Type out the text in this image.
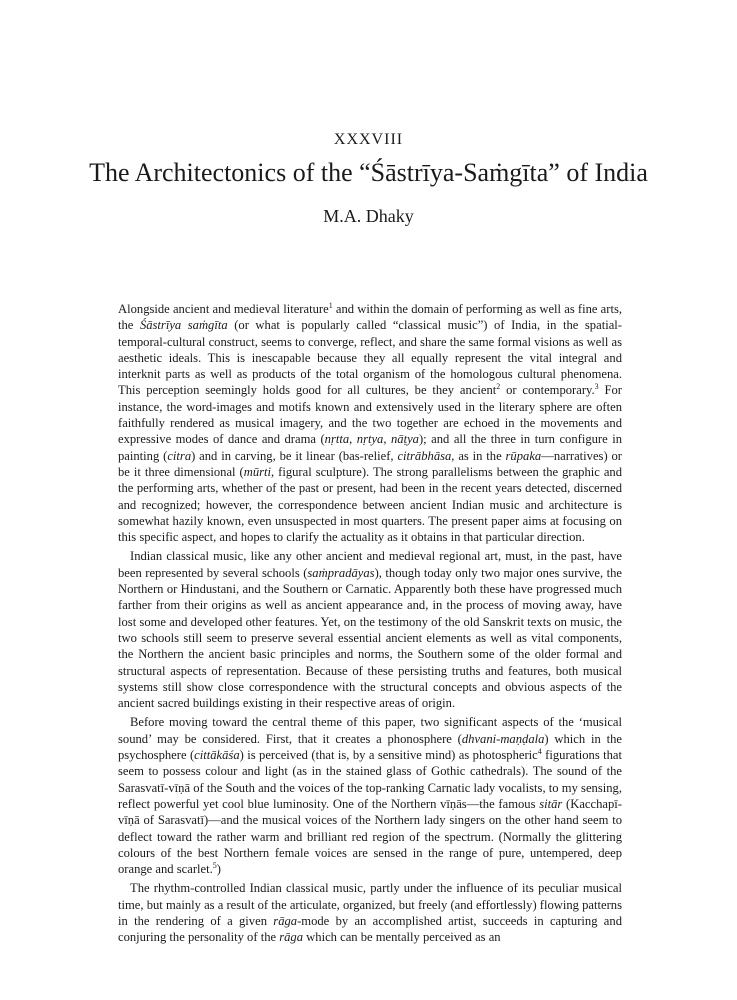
XXXVIII
The Architectonics of the “Śāstrīya-Saṁgīta” of India
M.A. Dhaky

Alongside ancient and medieval literature$^1$ and within the domain of performing as well as fine arts, the Śāstrīya saṁgīta (or what is popularly called “classical music”) of India, in the spatial-temporal-cultural construct, seems to converge, reflect, and share the same formal visions as well as aesthetic ideals. This is inescapable because they all equally represent the vital integral and interknit parts as well as products of the total organism of the homologous cultural phenomena. This perception seemingly holds good for all cultures, be they ancient$^2$ or contemporary.$^3$ For instance, the word-images and motifs known and extensively used in the literary sphere are often faithfully rendered as musical imagery, and the two together are echoed in the movements and expressive modes of dance and drama (nṛtta, nṛtya, nāṭya); and all the three in turn configure in painting (citra) and in carving, be it linear (bas-relief, citrābhāsa, as in the rūpaka—narratives) or be it three dimensional (mūrti, figural sculpture). The strong parallelisms between the graphic and the performing arts, whether of the past or present, had been in the recent years detected, discerned and recognized; however, the correspondence between ancient Indian music and architecture is somewhat hazily known, even unsuspected in most quarters. The present paper aims at focusing on this specific aspect, and hopes to clarify the actuality as it obtains in that particular direction.

Indian classical music, like any other ancient and medieval regional art, must, in the past, have been represented by several schools (saṁpradāyas), though today only two major ones survive, the Northern or Hindustani, and the Southern or Carnatic. Apparently both these have progressed much farther from their origins as well as ancient appearance and, in the process of moving away, have lost some and developed other features. Yet, on the testimony of the old Sanskrit texts on music, the two schools still seem to preserve several essential ancient elements as well as vital components, the Northern the ancient basic principles and norms, the Southern some of the older formal and structural aspects of representation. Because of these persisting truths and features, both musical systems still show close correspondence with the structural concepts and obvious aspects of the ancient sacred buildings existing in their respective areas of origin.

Before moving toward the central theme of this paper, two significant aspects of the ‘musical sound’ may be considered. First, that it creates a phonosphere (dhvani-maṇḍala) which in the psychosphere (cittākāśa) is perceived (that is, by a sensitive mind) as photospheric$^4$ figurations that seem to possess colour and light (as in the stained glass of Gothic cathedrals). The sound of the Sarasvatī-vīṇā of the South and the voices of the top-ranking Carnatic lady vocalists, to my sensing, reflect powerful yet cool blue luminosity. One of the Northern vīṇās—the famous sitār (Kacchapī-vīṇā of Sarasvatī)—and the musical voices of the Northern lady singers on the other hand seem to deflect toward the rather warm and brilliant red region of the spectrum. (Normally the glittering colours of the best Northern female voices are sensed in the range of pure, untempered, deep orange and scarlet.$^5$)

The rhythm-controlled Indian classical music, partly under the influence of its peculiar musical time, but mainly as a result of the articulate, organized, but freely (and effortlessly) flowing patterns in the rendering of a given rāga-mode by an accomplished artist, succeeds in capturing and conjuring the personality of the rāga which can be mentally perceived as an
